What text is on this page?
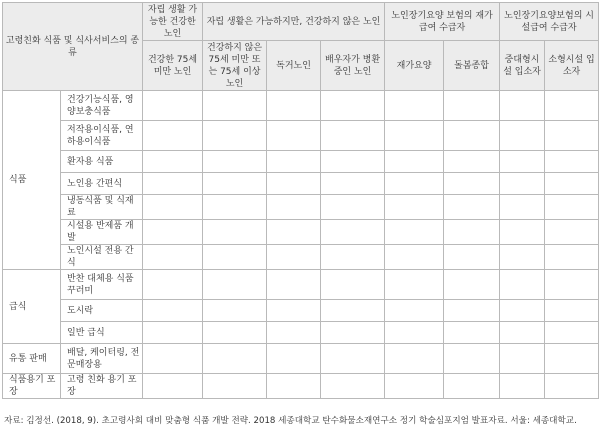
고령친화 식품 및 식사서비스의 종류		자립 생활 가능한 건강한 노인	자립 생활은 가능하지만, 건강하지 않은 노인			노인장기요양 보험의 재가급여 수급자		노인장기요양보험의 시설급여 수급자	
		건강한 75세 미만 노인	건강하지 않은 75세 미만 또는 75세 이상 노인	독거노인	배우자가 병환 중인 노인	재가요양	돌봄종합	중대형시설 입소자	소형시설 입소자
식품	건강기능식품, 영양보충식품								
	저작용이식품, 연하용이식품								
	환자용 식품								
	노인용 간편식								
	냉동식품 및 식재료								
	시설용 반제품 개발								
	노인시설 전용 간식								
급식	반찬 대체용 식품꾸러미								
	도시락								
	일반 급식								
유통 판매	배달, 케이터링, 전문매장용								
식품용기 포장	고령 친화 용기 포장								
자료: 김정선. (2018, 9). 초고령사회 대비 맞춤형 식품 개발 전략. 2018 세종대학교 탄수화물소재연구소 정기 학술심포지엄 발표자료. 서울: 세종대학교.
